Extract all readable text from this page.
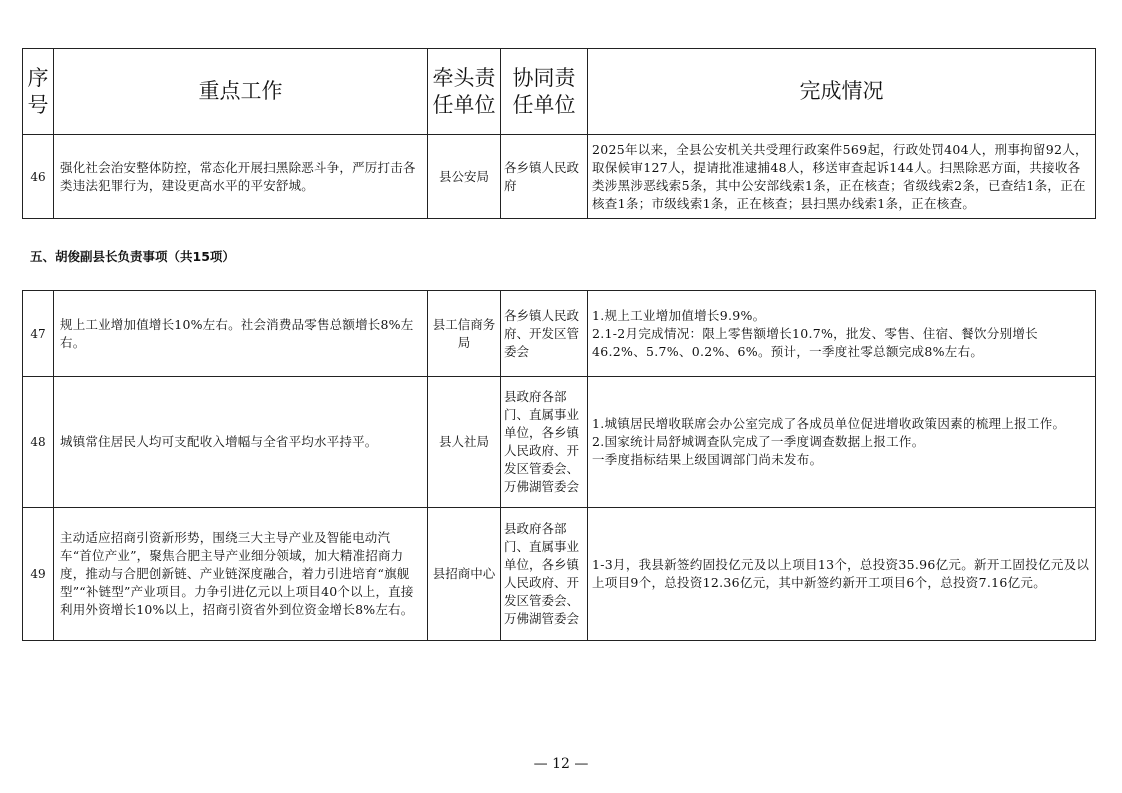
序号	重点工作	牵头责任单位	协同责任单位	完成情况
46	强化社会治安整体防控，常态化开展扫黑除恶斗争，严厉打击各类违法犯罪行为，建设更高水平的平安舒城。	县公安局	各乡镇人民政府	2025年以来，全县公安机关共受理行政案件569起，行政处罚404人，刑事拘留92人，取保候审127人，提请批准逮捕48人，移送审查起诉144人。扫黑除恶方面，共接收各类涉黑涉恶线索5条，其中公安部线索1条，正在核查；省级线索2条，已查结1条，正在核查1条；市级线索1条，正在核查；县扫黑办线索1条，正在核查。
五、胡俊副县长负责事项（共15项）
47	规上工业增加值增长10%左右。社会消费品零售总额增长8%左右。	县工信商务局	各乡镇人民政府、开发区管委会	1.规上工业增加值增长9.9%。
2.1-2月完成情况：限上零售额增长10.7%，批发、零售、住宿、餐饮分别增长46.2%、5.7%、0.2%、6%。预计，一季度社零总额完成8%左右。

48	城镇常住居民人均可支配收入增幅与全省平均水平持平。	县人社局	县政府各部门、直属事业单位，各乡镇人民政府、开发区管委会、万佛湖管委会	1.城镇居民增收联席会办公室完成了各成员单位促进增收政策因素的梳理上报工作。
2.国家统计局舒城调查队完成了一季度调查数据上报工作。
一季度指标结果上级国调部门尚未发布。

49	主动适应招商引资新形势，围绕三大主导产业及智能电动汽车“首位产业”，聚焦合肥主导产业细分领域，加大精准招商力度，推动与合肥创新链、产业链深度融合，着力引进培育“旗舰型”“补链型”产业项目。力争引进亿元以上项目40个以上，直接利用外资增长10%以上，招商引资省外到位资金增长8%左右。	县招商中心	县政府各部门、直属事业单位，各乡镇人民政府、开发区管委会、万佛湖管委会	1-3月，我县新签约固投亿元及以上项目13个，总投资35.96亿元。新开工固投亿元及以上项目9个，总投资12.36亿元，其中新签约新开工项目6个，总投资7.16亿元。
— 12 —
